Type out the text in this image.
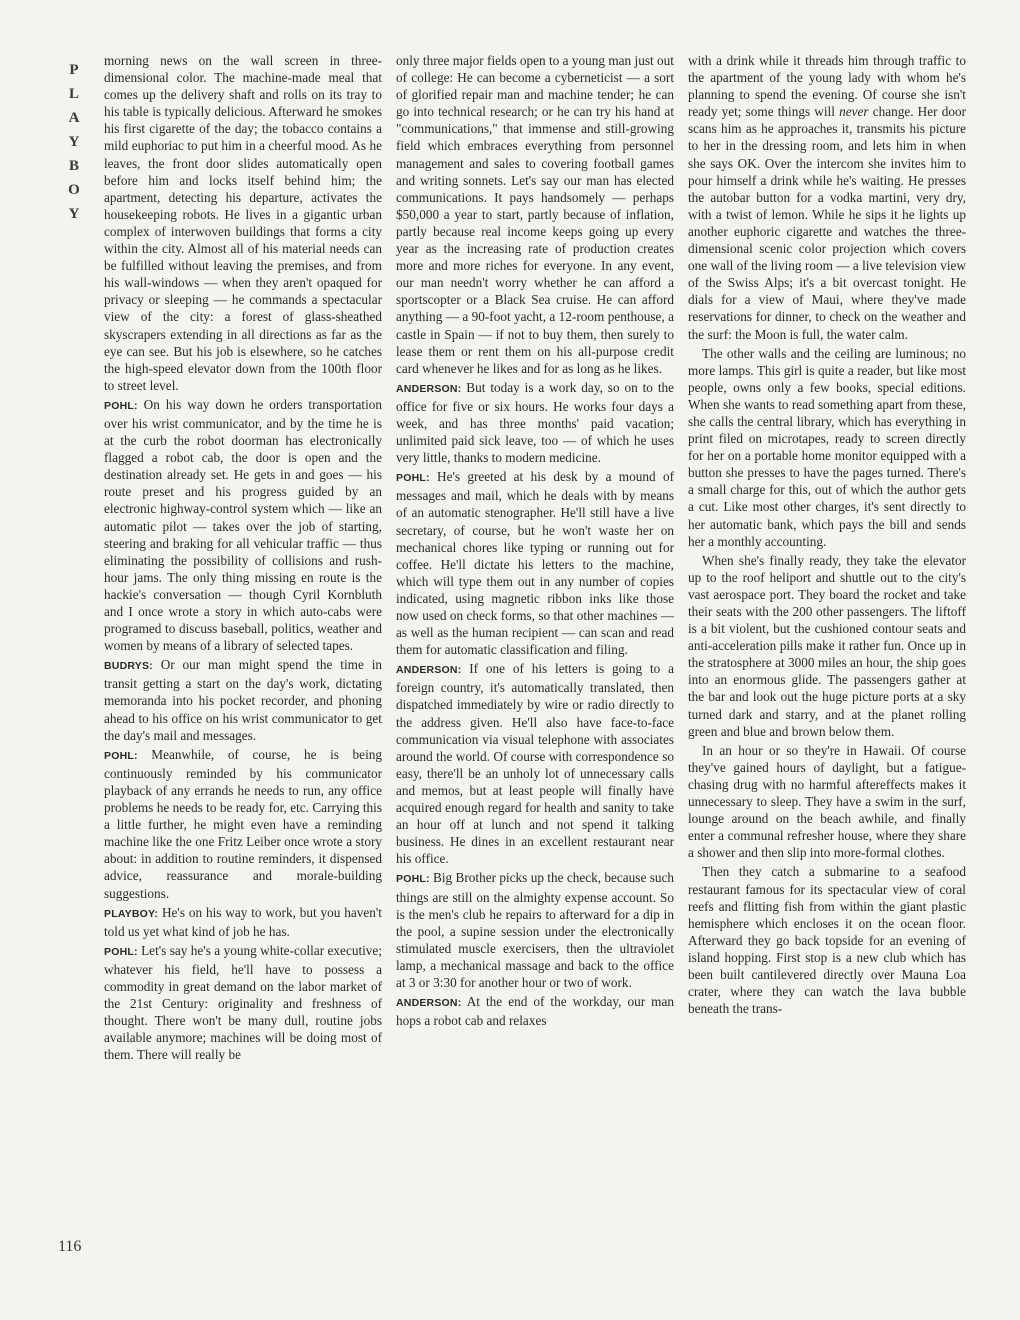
P
L
A
Y
B
O
Y
116

morning news on the wall screen in three-dimensional color. The machine-made meal that comes up the delivery shaft and rolls on its tray to his table is typically delicious. Afterward he smokes his first cigarette of the day; the tobacco contains a mild euphoriac to put him in a cheerful mood. As he leaves, the front door slides automatically open before him and locks itself behind him; the apartment, detecting his departure, activates the housekeeping robots. He lives in a gigantic urban complex of interwoven buildings that forms a city within the city. Almost all of his material needs can be fulfilled without leaving the premises, and from his wall-windows — when they aren't opaqued for privacy or sleeping — he commands a spectacular view of the city: a forest of glass-sheathed skyscrapers extending in all directions as far as the eye can see. But his job is elsewhere, so he catches the high-speed elevator down from the 100th floor to street level.

POHL: On his way down he orders transportation over his wrist communicator, and by the time he is at the curb the robot doorman has electronically flagged a robot cab, the door is open and the destination already set. He gets in and goes — his route preset and his progress guided by an electronic highway-control system which — like an automatic pilot — takes over the job of starting, steering and braking for all vehicular traffic — thus eliminating the possibility of collisions and rush-hour jams. The only thing missing en route is the hackie's conversation — though Cyril Kornbluth and I once wrote a story in which auto-cabs were programed to discuss baseball, politics, weather and women by means of a library of selected tapes.

BUDRYS: Or our man might spend the time in transit getting a start on the day's work, dictating memoranda into his pocket recorder, and phoning ahead to his office on his wrist communicator to get the day's mail and messages.

POHL: Meanwhile, of course, he is being continuously reminded by his communicator playback of any errands he needs to run, any office problems he needs to be ready for, etc. Carrying this a little further, he might even have a reminding machine like the one Fritz Leiber once wrote a story about: in addition to routine reminders, it dispensed advice, reassurance and morale-building suggestions.

PLAYBOY: He's on his way to work, but you haven't told us yet what kind of job he has.

POHL: Let's say he's a young white-collar executive; whatever his field, he'll have to possess a commodity in great demand on the labor market of the 21st Century: originality and freshness of thought. There won't be many dull, routine jobs available anymore; machines will be doing most of them. There will really be

only three major fields open to a young man just out of college: He can become a cyberneticist — a sort of glorified repair man and machine tender; he can go into technical research; or he can try his hand at "communications," that immense and still-growing field which embraces everything from personnel management and sales to covering football games and writing sonnets. Let's say our man has elected communications. It pays handsomely — perhaps $50,000 a year to start, partly because of inflation, partly because real income keeps going up every year as the increasing rate of production creates more and more riches for everyone. In any event, our man needn't worry whether he can afford a sportscopter or a Black Sea cruise. He can afford anything — a 90-foot yacht, a 12-room penthouse, a castle in Spain — if not to buy them, then surely to lease them or rent them on his all-purpose credit card whenever he likes and for as long as he likes.

ANDERSON: But today is a work day, so on to the office for five or six hours. He works four days a week, and has three months' paid vacation; unlimited paid sick leave, too — of which he uses very little, thanks to modern medicine.

POHL: He's greeted at his desk by a mound of messages and mail, which he deals with by means of an automatic stenographer. He'll still have a live secretary, of course, but he won't waste her on mechanical chores like typing or running out for coffee. He'll dictate his letters to the machine, which will type them out in any number of copies indicated, using magnetic ribbon inks like those now used on check forms, so that other machines — as well as the human recipient — can scan and read them for automatic classification and filing.

ANDERSON: If one of his letters is going to a foreign country, it's automatically translated, then dispatched immediately by wire or radio directly to the address given. He'll also have face-to-face communication via visual telephone with associates around the world. Of course with correspondence so easy, there'll be an unholy lot of unnecessary calls and memos, but at least people will finally have acquired enough regard for health and sanity to take an hour off at lunch and not spend it talking business. He dines in an excellent restaurant near his office.

POHL: Big Brother picks up the check, because such things are still on the almighty expense account. So is the men's club he repairs to afterward for a dip in the pool, a supine session under the electronically stimulated muscle exercisers, then the ultraviolet lamp, a mechanical massage and back to the office at 3 or 3:30 for another hour or two of work.

ANDERSON: At the end of the workday, our man hops a robot cab and relaxes

with a drink while it threads him through traffic to the apartment of the young lady with whom he's planning to spend the evening. Of course she isn't ready yet; some things will never change. Her door scans him as he approaches it, transmits his picture to her in the dressing room, and lets him in when she says OK. Over the intercom she invites him to pour himself a drink while he's waiting. He presses the autobar button for a vodka martini, very dry, with a twist of lemon. While he sips it he lights up another euphoric cigarette and watches the three-dimensional scenic color projection which covers one wall of the living room — a live television view of the Swiss Alps; it's a bit overcast tonight. He dials for a view of Maui, where they've made reservations for dinner, to check on the weather and the surf: the Moon is full, the water calm.

The other walls and the ceiling are luminous; no more lamps. This girl is quite a reader, but like most people, owns only a few books, special editions. When she wants to read something apart from these, she calls the central library, which has everything in print filed on microtapes, ready to screen directly for her on a portable home monitor equipped with a button she presses to have the pages turned. There's a small charge for this, out of which the author gets a cut. Like most other charges, it's sent directly to her automatic bank, which pays the bill and sends her a monthly accounting.

When she's finally ready, they take the elevator up to the roof heliport and shuttle out to the city's vast aerospace port. They board the rocket and take their seats with the 200 other passengers. The liftoff is a bit violent, but the cushioned contour seats and anti-acceleration pills make it rather fun. Once up in the stratosphere at 3000 miles an hour, the ship goes into an enormous glide. The passengers gather at the bar and look out the huge picture ports at a sky turned dark and starry, and at the planet rolling green and blue and brown below them.

In an hour or so they're in Hawaii. Of course they've gained hours of daylight, but a fatigue-chasing drug with no harmful aftereffects makes it unnecessary to sleep. They have a swim in the surf, lounge around on the beach awhile, and finally enter a communal refresher house, where they share a shower and then slip into more-formal clothes.

Then they catch a submarine to a seafood restaurant famous for its spectacular view of coral reefs and flitting fish from within the giant plastic hemisphere which encloses it on the ocean floor. Afterward they go back topside for an evening of island hopping. First stop is a new club which has been built cantilevered directly over Mauna Loa crater, where they can watch the lava bubble beneath the trans-
